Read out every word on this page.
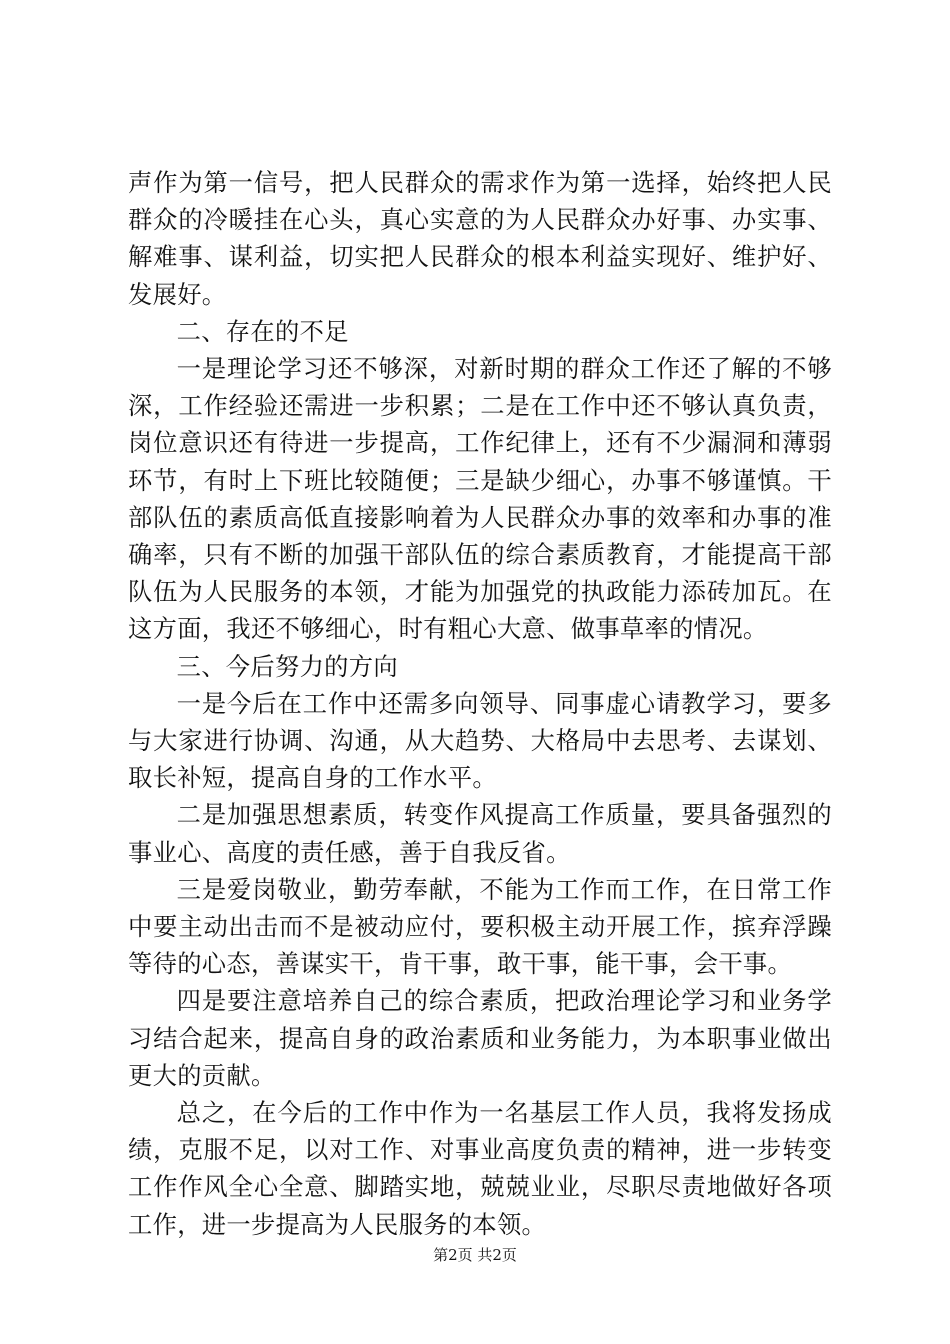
声作为第一信号，把人民群众的需求作为第一选择，始终把人民群众的冷暖挂在心头，真心实意的为人民群众办好事、办实事、解难事、谋利益，切实把人民群众的根本利益实现好、维护好、发展好。

二、存在的不足

一是理论学习还不够深，对新时期的群众工作还了解的不够深，工作经验还需进一步积累；二是在工作中还不够认真负责，岗位意识还有待进一步提高，工作纪律上，还有不少漏洞和薄弱环节，有时上下班比较随便；三是缺少细心，办事不够谨慎。干部队伍的素质高低直接影响着为人民群众办事的效率和办事的准确率，只有不断的加强干部队伍的综合素质教育，才能提高干部队伍为人民服务的本领，才能为加强党的执政能力添砖加瓦。在这方面，我还不够细心，时有粗心大意、做事草率的情况。

三、今后努力的方向

一是今后在工作中还需多向领导、同事虚心请教学习，要多与大家进行协调、沟通，从大趋势、大格局中去思考、去谋划、取长补短，提高自身的工作水平。

二是加强思想素质，转变作风提高工作质量，要具备强烈的事业心、高度的责任感，善于自我反省。

三是爱岗敬业，勤劳奉献，不能为工作而工作，在日常工作中要主动出击而不是被动应付，要积极主动开展工作，摈弃浮躁等待的心态，善谋实干，肯干事，敢干事，能干事，会干事。

四是要注意培养自己的综合素质，把政治理论学习和业务学习结合起来，提高自身的政治素质和业务能力，为本职事业做出更大的贡献。

总之，在今后的工作中作为一名基层工作人员，我将发扬成绩，克服不足，以对工作、对事业高度负责的精神，进一步转变工作作风全心全意、脚踏实地，兢兢业业，尽职尽责地做好各项工作，进一步提高为人民服务的本领。

第2页 共2页
